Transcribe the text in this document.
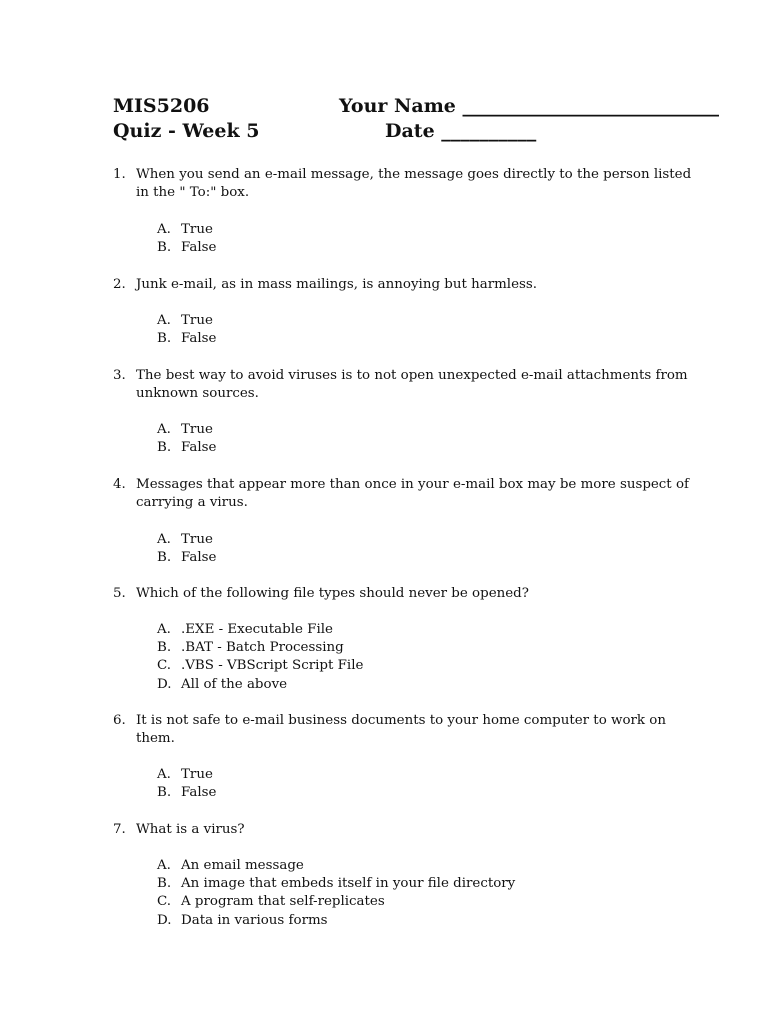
MIS5206
Quiz - Week 5
Your Name ___________________________
Date __________
1. When you send an e-mail message, the message goes directly to the person listed in the " To:" box.
A. True
B. False
2. Junk e-mail, as in mass mailings, is annoying but harmless.
A. True
B. False
3. The best way to avoid viruses is to not open unexpected e-mail attachments from unknown sources.
A. True
B. False
4. Messages that appear more than once in your e-mail box may be more suspect of carrying a virus.
A. True
B. False
5. Which of the following file types should never be opened?
A. .EXE - Executable File
B. .BAT - Batch Processing
C. .VBS - VBScript Script File
D. All of the above
6. It is not safe to e-mail business documents to your home computer to work on them.
A. True
B. False
7. What is a virus?
A. An email message
B. An image that embeds itself in your file directory
C. A program that self-replicates
D. Data in various forms
